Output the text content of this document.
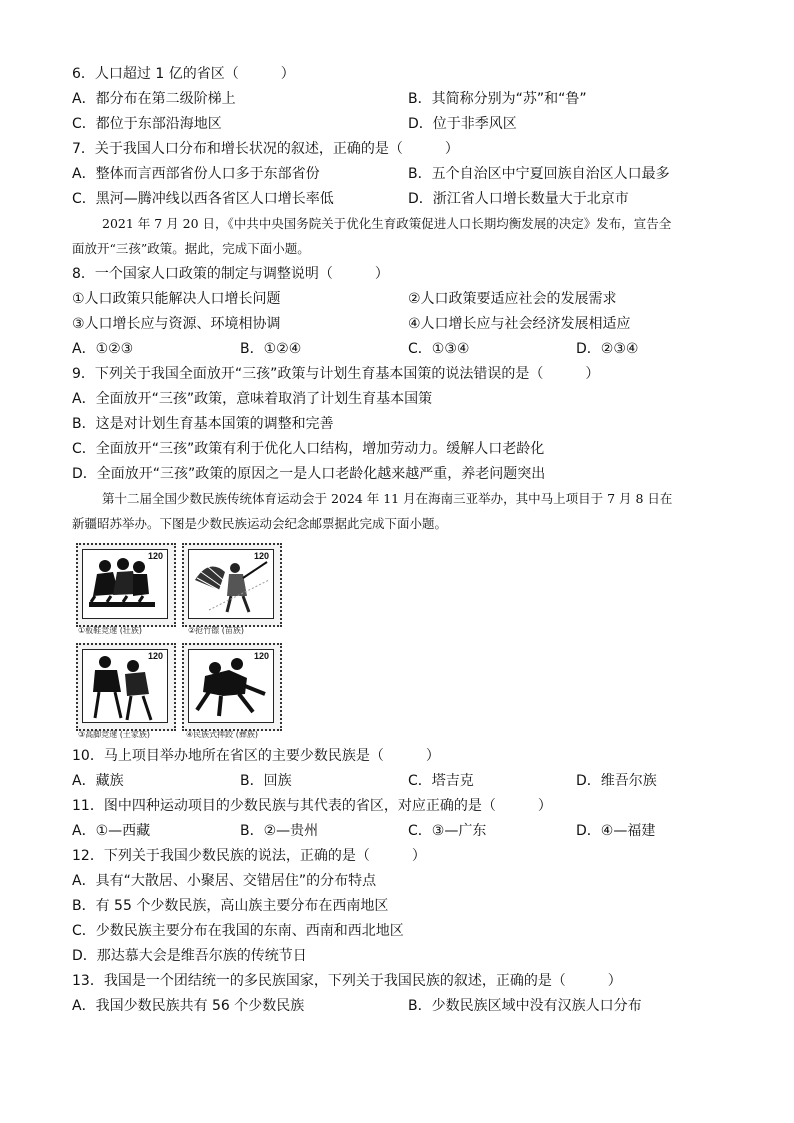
6．人口超过 1 亿的省区（　　　）
A．都分布在第二级阶梯上	B．其简称分别为“苏”和“鲁”
C．都位于东部沿海地区	D．位于非季风区
7．关于我国人口分布和增长状况的叙述，正确的是（　　　）
A．整体而言西部省份人口多于东部省份	B．五个自治区中宁夏回族自治区人口最多
C．黑河—腾冲线以西各省区人口增长率低	D．浙江省人口增长数量大于北京市
2021 年 7 月 20 日，《中共中央国务院关于优化生育政策促进人口长期均衡发展的决定》发布，宣告全
面放开“三孩”政策。据此，完成下面小题。
8．一个国家人口政策的制定与调整说明（　　　）
①人口政策只能解决人口增长问题	②人口政策要适应社会的发展需求
③人口增长应与资源、环境相协调	④人口增长应与社会经济发展相适应
A．①②③	B．①②④	C．①③④	D．②③④
9．下列关于我国全面放开“三孩”政策与计划生育基本国策的说法错误的是（　　　）
A．全面放开“三孩”政策，意味着取消了计划生育基本国策
B．这是对计划生育基本国策的调整和完善
C．全面放开“三孩”政策有利于优化人口结构，增加劳动力。缓解人口老龄化
D．全面放开“三孩”政策的原因之一是人口老龄化越来越严重，养老问题突出
第十二届全国少数民族传统体育运动会于 2024 年 11 月在海南三亚举办，其中马上项目于 7 月 8 日在
新疆昭苏举办。下图是少数民族运动会纪念邮票据此完成下面小题。
120
①板鞋竞速 (壮族)
120
②抢竹镖 (苗族)
120
③高脚竞速 (土家族)
120
④民族式摔跤 (彝族)
10．马上项目举办地所在省区的主要少数民族是（　　　）
A．藏族	B．回族	C．塔吉克	D．维吾尔族
11．图中四种运动项目的少数民族与其代表的省区，对应正确的是（　　　）
A．①—西藏	B．②—贵州	C．③—广东	D．④—福建
12．下列关于我国少数民族的说法，正确的是（　　　）
A．具有“大散居、小聚居、交错居住”的分布特点
B．有 55 个少数民族，高山族主要分布在西南地区
C．少数民族主要分布在我国的东南、西南和西北地区
D．那达慕大会是维吾尔族的传统节日
13．我国是一个团结统一的多民族国家，下列关于我国民族的叙述，正确的是（　　　）
A．我国少数民族共有 56 个少数民族	B．少数民族区域中没有汉族人口分布
